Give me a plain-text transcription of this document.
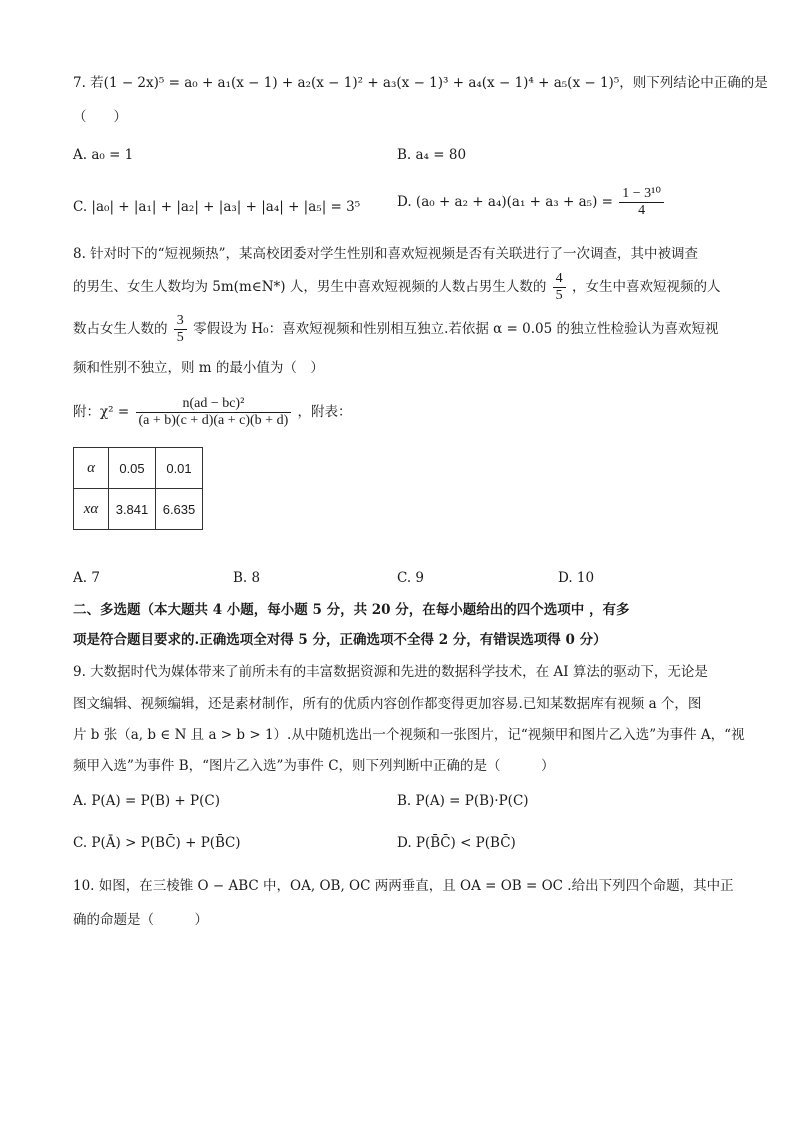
7. 若(1 − 2x)⁵ = a₀ + a₁(x − 1) + a₂(x − 1)² + a₃(x − 1)³ + a₄(x − 1)⁴ + a₅(x − 1)⁵，则下列结论中正确的是
（　　）
A. a₀ = 1	B. a₄ = 80
C. |a₀| + |a₁| + |a₂| + |a₃| + |a₄| + |a₅| = 3⁵	D. $(a_0 + a_2 + a_4)(a_1 + a_3 + a_5) = \frac{\text{1 − 3¹⁰}}{4}$
8. 针对时下的“短视频热”，某高校团委对学生性别和喜欢短视频是否有关联进行了一次调查，其中被调查
的男生、女生人数均为 5m(m∈N*) 人，男生中喜欢短视频的人数占男生人数的 $\frac{4}{5}$ ，女生中喜欢短视频的人
数占女生人数的 $\frac{3}{5}$ 零假设为 H₀：喜欢短视频和性别相互独立.若依据 α = 0.05 的独立性检验认为喜欢短视
频和性别不独立，则 m 的最小值为（　）
附：$\chi^2 = \frac{\text{n(ad − bc)²}}{(a + b)(c + d)(a + c)(b + d)}$ ，附表：
α	0.05	0.01
xα	3.841	6.635
A. 7	B. 8	C. 9	D. 10
二、多选题（本大题共 4 小题，每小题 5 分，共 20 分，在每小题给出的四个选项中 ，有多
项是符合题目要求的.正确选项全对得 5 分，正确选项不全得 2 分，有错误选项得 0 分）
9. 大数据时代为媒体带来了前所未有的丰富数据资源和先进的数据科学技术，在 AI 算法的驱动下，无论是
图文编辑、视频编辑，还是素材制作，所有的优质内容创作都变得更加容易.已知某数据库有视频 a 个，图
片 b 张（a, b ∈ N 且 a > b > 1）.从中随机选出一个视频和一张图片，记“视频甲和图片乙入选”为事件 A，“视
频甲入选”为事件 B，“图片乙入选”为事件 C，则下列判断中正确的是（　　　）
A. P(A) = P(B) + P(C)	B. P(A) = P(B)·P(C)
C. P(Ā) > P(BC̄) + P(B̄C)	D. P(B̄C̄) < P(BC̄)
10. 如图，在三棱锥 O − ABC 中，OA, OB, OC 两两垂直，且 OA = OB = OC .给出下列四个命题，其中正
确的命题是（　　　）
